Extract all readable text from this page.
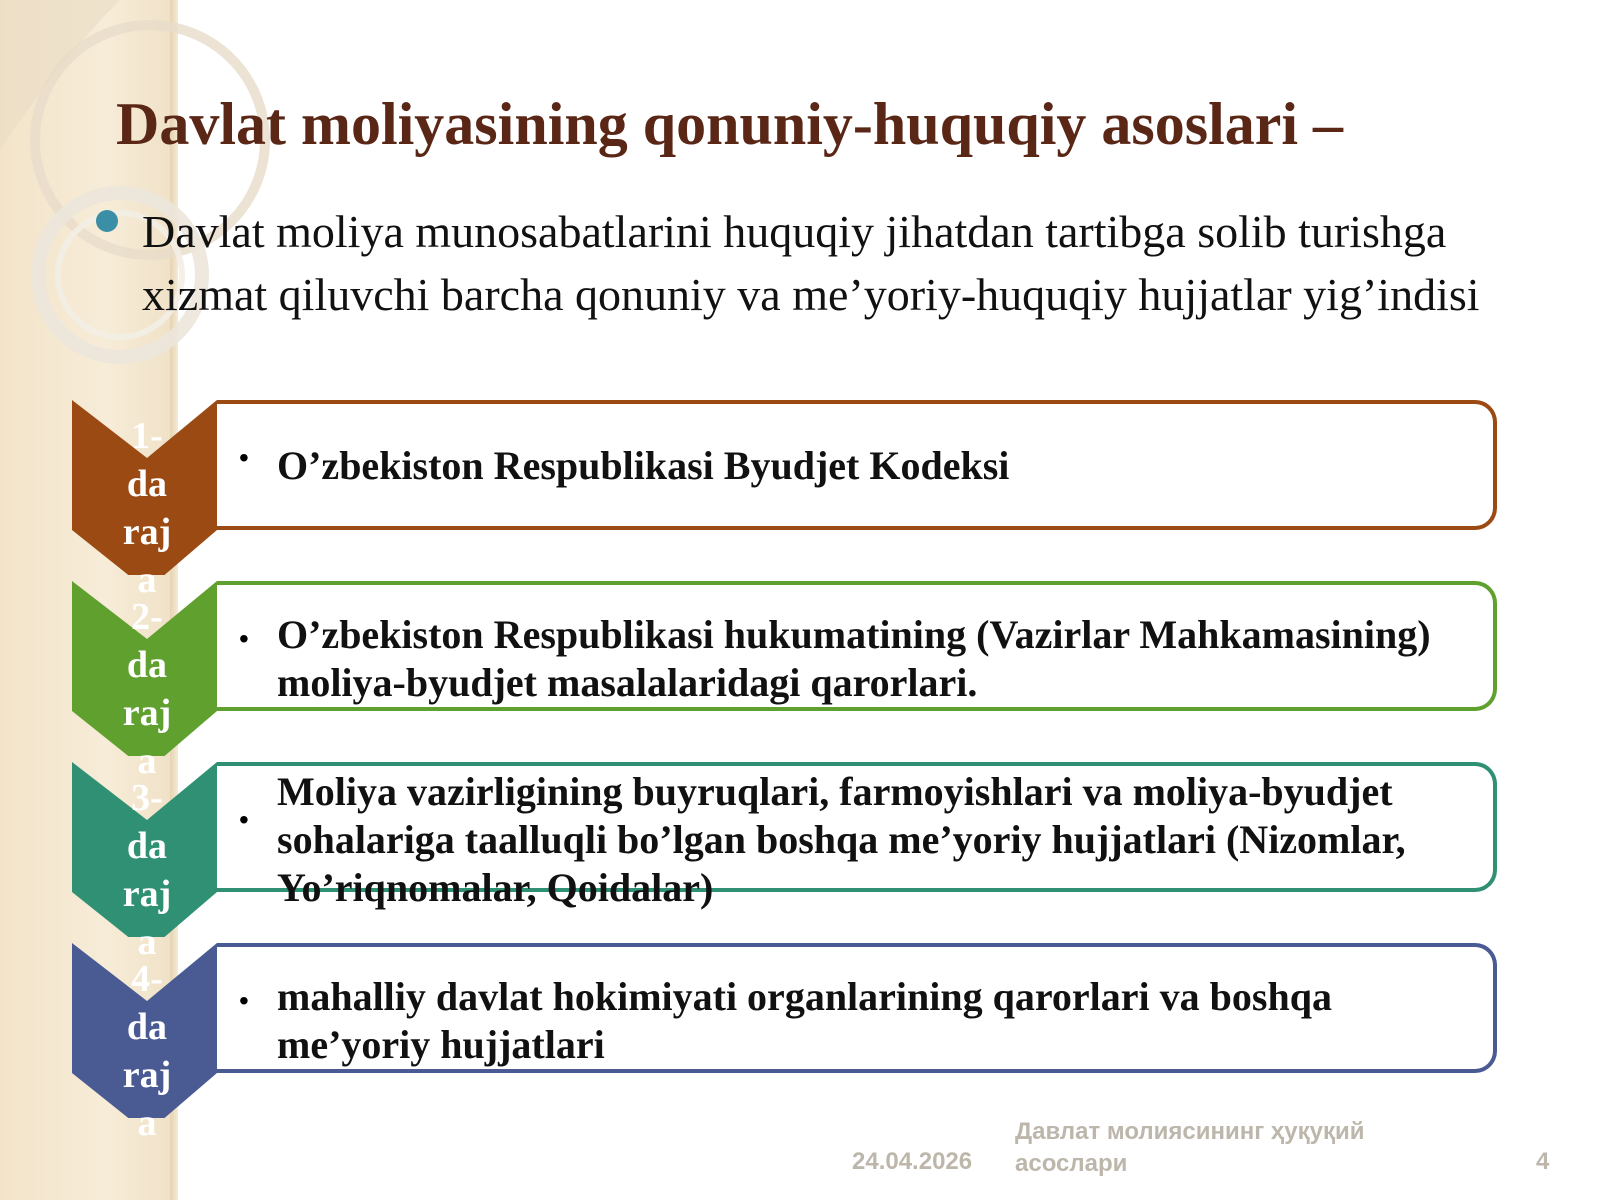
Davlat moliyasining qonuniy-huquqiy asoslari –
Davlat moliya munosabatlarini huquqiy jihatdan tartibga solib turishga xizmat qiluvchi barcha qonuniy va me’yoriy-huquqiy hujjatlar yig’indisi
1-
da
raj
a
• O’zbekiston Respublikasi Byudjet Kodeksi
2-
da
raj
a
• O’zbekiston Respublikasi hukumatining (Vazirlar Mahkamasining) moliya-byudjet masalalaridagi qarorlari.
3-
da
raj
a
•
Moliya vazirligining buyruqlari, farmoyishlari va moliya-byudjet sohalariga taalluqli bo’lgan boshqa me’yoriy hujjatlari (Nizomlar, Yo’riqnomalar, Qoidalar)
4-
da
raj
a
• mahalliy davlat hokimiyati organlarining qarorlari va boshqa me’yoriy hujjatlari
24.04.2026
Давлат молиясининг ҳуқуқий асослари	4
